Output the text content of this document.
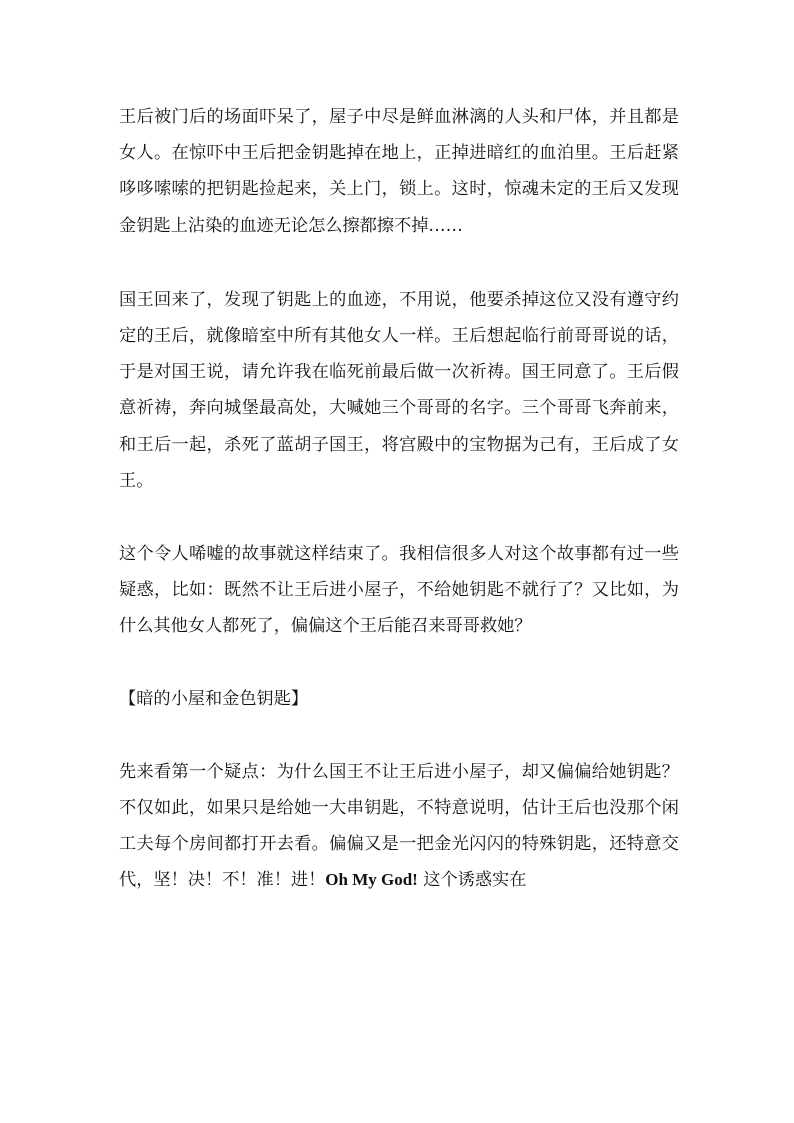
王后被门后的场面吓呆了，屋子中尽是鲜血淋漓的人头和尸体，并且都是女人。在惊吓中王后把金钥匙掉在地上，正掉进暗红的血泊里。王后赶紧哆哆嗦嗦的把钥匙捡起来，关上门，锁上。这时，惊魂未定的王后又发现金钥匙上沾染的血迹无论怎么擦都擦不掉……

国王回来了，发现了钥匙上的血迹，不用说，他要杀掉这位又没有遵守约定的王后，就像暗室中所有其他女人一样。王后想起临行前哥哥说的话，于是对国王说，请允许我在临死前最后做一次祈祷。国王同意了。王后假意祈祷，奔向城堡最高处，大喊她三个哥哥的名字。三个哥哥飞奔前来，和王后一起，杀死了蓝胡子国王，将宫殿中的宝物据为己有，王后成了女王。

这个令人唏嘘的故事就这样结束了。我相信很多人对这个故事都有过一些疑惑，比如：既然不让王后进小屋子，不给她钥匙不就行了？又比如，为什么其他女人都死了，偏偏这个王后能召来哥哥救她？

【暗的小屋和金色钥匙】

先来看第一个疑点：为什么国王不让王后进小屋子，却又偏偏给她钥匙？不仅如此，如果只是给她一大串钥匙，不特意说明，估计王后也没那个闲工夫每个房间都打开去看。偏偏又是一把金光闪闪的特殊钥匙，还特意交代，坚！决！不！准！进！Oh My God! 这个诱惑实在
